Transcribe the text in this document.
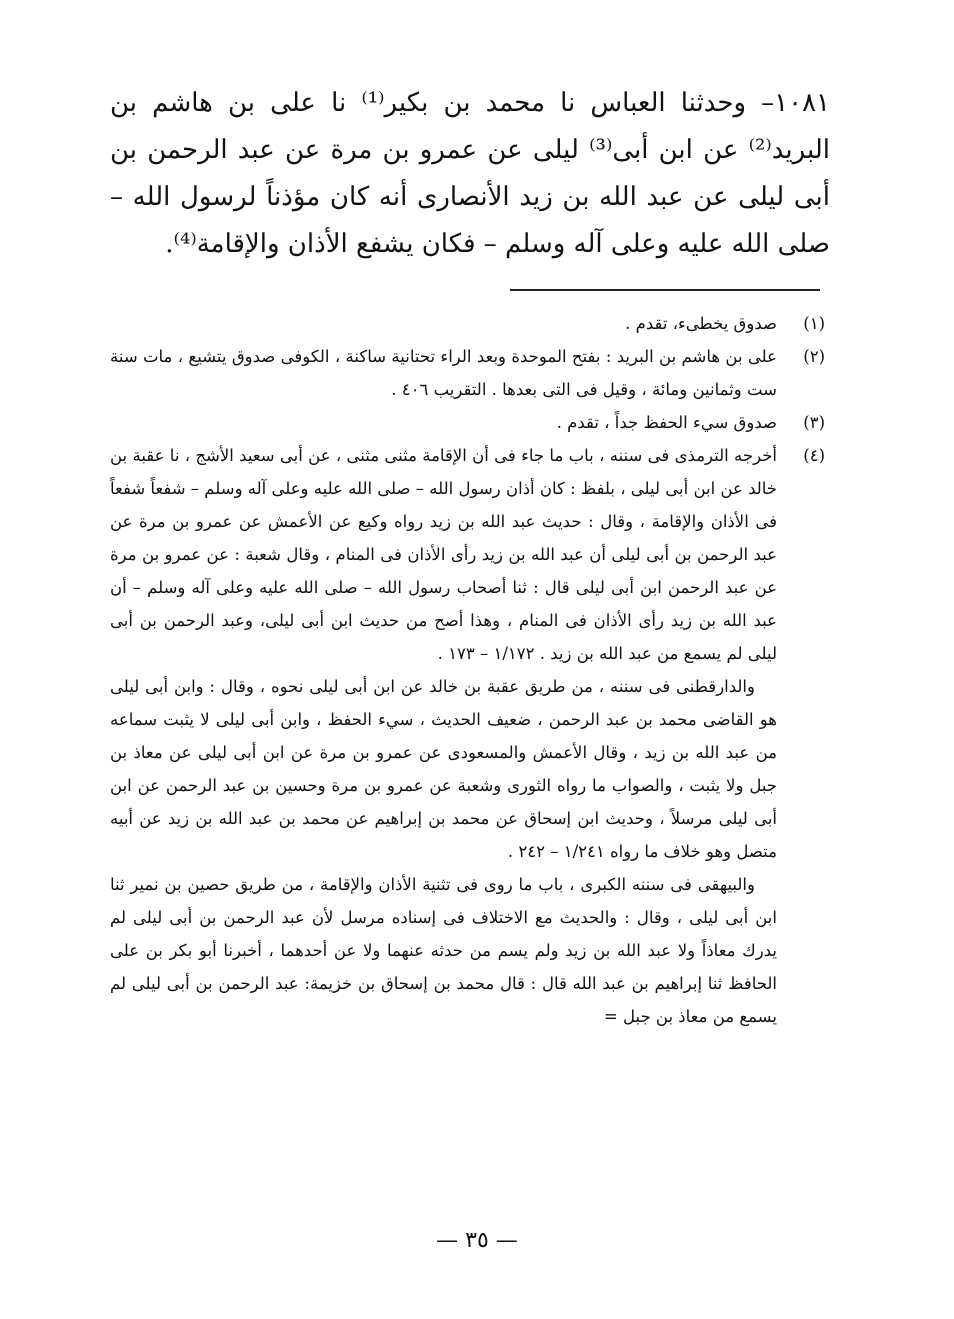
١٠٨١– وحدثنا العباس نا محمد بن بكير⁽¹⁾ نا على بن هاشم بن البريد⁽²⁾ عن ابن أبى⁽³⁾ ليلى عن عمرو بن مرة عن عبد الرحمن بن أبى ليلى عن عبد الله بن زيد الأنصارى أنه كان مؤذناً لرسول الله – صلى الله عليه وعلى آله وسلم – فكان يشفع الأذان والإقامة⁽⁴⁾.

(١)
صدوق يخطىء، تقدم .
(٢)
على بن هاشم بن البريد : بفتح الموحدة وبعد الراء تحتانية ساكنة ، الكوفى صدوق يتشيع ، مات سنة ست وثمانين ومائة ، وقيل فى التى بعدها . التقريب ٤٠٦ .
(٣)
صدوق سيء الحفظ جداً ، تقدم .
(٤)
أخرجه الترمذى فى سننه ، باب ما جاء فى أن الإقامة مثنى مثنى ، عن أبى سعيد الأشج ، نا عقبة بن خالد عن ابن أبى ليلى ، بلفظ : كان أذان رسول الله – صلى الله عليه وعلى آله وسلم – شفعاً شفعاً فى الأذان والإقامة ، وقال : حديث عبد الله بن زيد رواه وكيع عن الأعمش عن عمرو بن مرة عن عبد الرحمن بن أبى ليلى أن عبد الله بن زيد رأى الأذان فى المنام ، وقال شعبة : عن عمرو بن مرة عن عبد الرحمن ابن أبى ليلى قال : ثنا أصحاب رسول الله – صلى الله عليه وعلى آله وسلم – أن عبد الله بن زيد رأى الأذان فى المنام ، وهذا أصح من حديث ابن أبى ليلى، وعبد الرحمن بن أبى ليلى لم يسمع من عبد الله بن زيد . ١/١٧٢ – ١٧٣ .
والدارقطنى فى سننه ، من طريق عقبة بن خالد عن ابن أبى ليلى نحوه ، وقال : وابن أبى ليلى هو القاضى محمد بن عبد الرحمن ، ضعيف الحديث ، سيء الحفظ ، وابن أبى ليلى لا يثبت سماعه من عبد الله بن زيد ، وقال الأعمش والمسعودى عن عمرو بن مرة عن ابن أبى ليلى عن معاذ بن جبل ولا يثبت ، والصواب ما رواه الثورى وشعبة عن عمرو بن مرة وحسين بن عبد الرحمن عن ابن أبى ليلى مرسلاً ، وحديث ابن إسحاق عن محمد بن إبراهيم عن محمد بن عبد الله بن زيد عن أبيه متصل وهو خلاف ما رواه ١/٢٤١ – ٢٤٢ .
والبيهقى فى سننه الكبرى ، باب ما روى فى تثنية الأذان والإقامة ، من طريق حصين بن نمير ثنا ابن أبى ليلى ، وقال : والحديث مع الاختلاف فى إسناده مرسل لأن عبد الرحمن بن أبى ليلى لم يدرك معاذاً ولا عبد الله بن زيد ولم يسم من حدثه عنهما ولا عن أحدهما ، أخبرنا أبو بكر بن على الحافظ ثنا إبراهيم بن عبد الله قال : قال محمد بن إسحاق بن خزيمة: عبد الرحمن بن أبى ليلى لم يسمع من معاذ بن جبل =
— ٣٥ —
